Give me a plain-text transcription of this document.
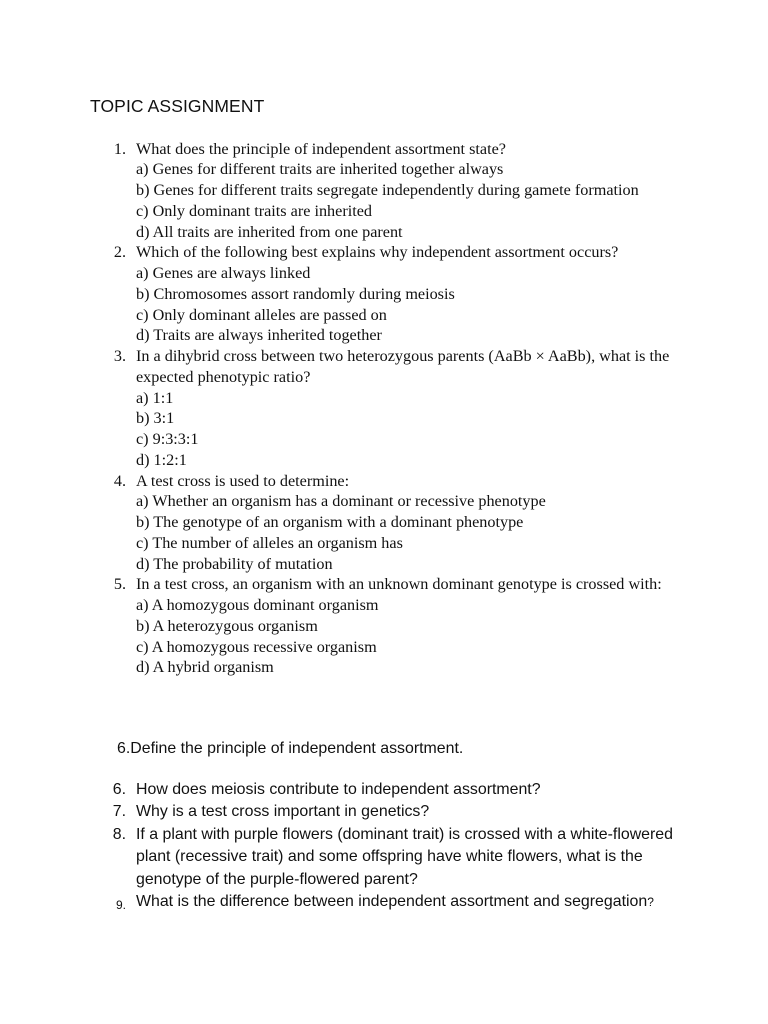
TOPIC ASSIGNMENT
1. What does the principle of independent assortment state?
a) Genes for different traits are inherited together always
b) Genes for different traits segregate independently during gamete formation
c) Only dominant traits are inherited
d) All traits are inherited from one parent
2. Which of the following best explains why independent assortment occurs?
a) Genes are always linked
b) Chromosomes assort randomly during meiosis
c) Only dominant alleles are passed on
d) Traits are always inherited together
3. In a dihybrid cross between two heterozygous parents (AaBb × AaBb), what is the expected phenotypic ratio?
a) 1:1
b) 3:1
c) 9:3:3:1
d) 1:2:1
4. A test cross is used to determine:
a) Whether an organism has a dominant or recessive phenotype
b) The genotype of an organism with a dominant phenotype
c) The number of alleles an organism has
d) The probability of mutation
5. In a test cross, an organism with an unknown dominant genotype is crossed with:
a) A homozygous dominant organism
b) A heterozygous organism
c) A homozygous recessive organism
d) A hybrid organism

6.Define the principle of independent assortment.

6. How does meiosis contribute to independent assortment?
7. Why is a test cross important in genetics?
8. If a plant with purple flowers (dominant trait) is crossed with a white-flowered plant (recessive trait) and some offspring have white flowers, what is the genotype of the purple-flowered parent?
9. What is the difference between independent assortment and segregation?
